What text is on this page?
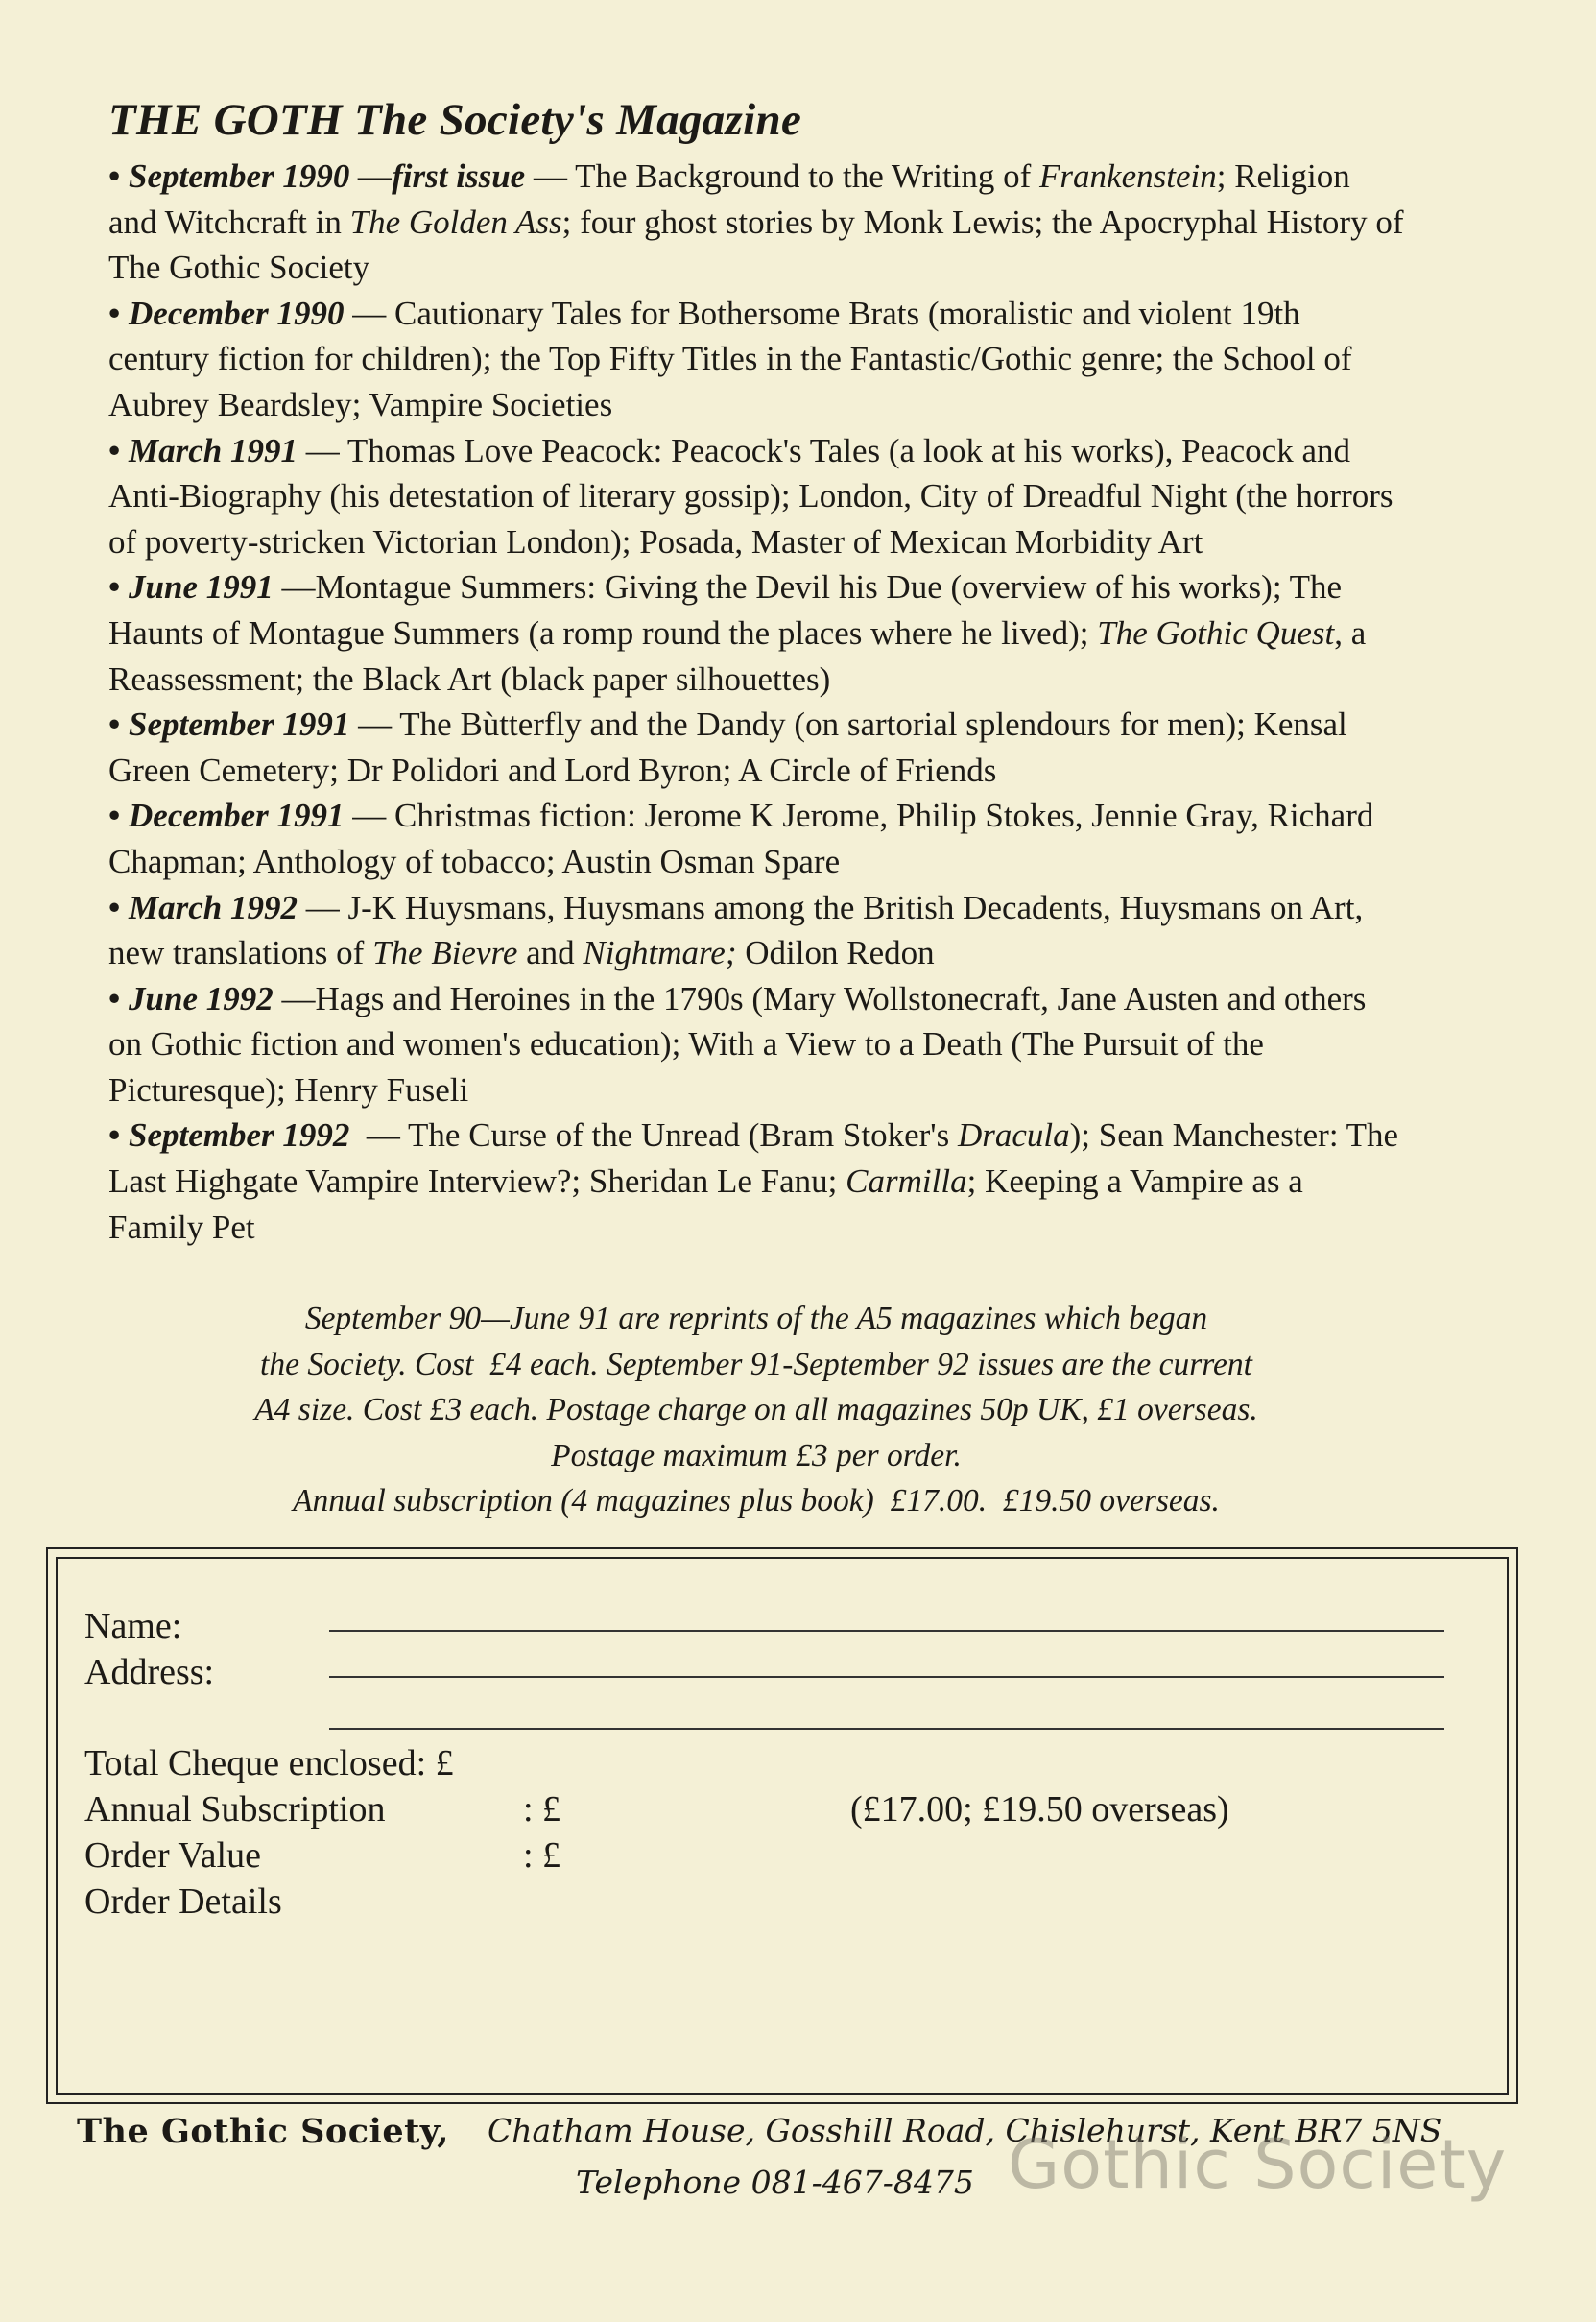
THE GOTH The Society's Magazine

• September 1990 —first issue — The Background to the Writing of Frankenstein; Religion and Witchcraft in The Golden Ass; four ghost stories by Monk Lewis; the Apocryphal History of The Gothic Society

• December 1990 — Cautionary Tales for Bothersome Brats (moralistic and violent 19th century fiction for children); the Top Fifty Titles in the Fantastic/Gothic genre; the School of Aubrey Beardsley; Vampire Societies

• March 1991 — Thomas Love Peacock: Peacock's Tales (a look at his works), Peacock and Anti-Biography (his detestation of literary gossip); London, City of Dreadful Night (the horrors of poverty-stricken Victorian London); Posada, Master of Mexican Morbidity Art

• June 1991 —Montague Summers: Giving the Devil his Due (overview of his works); The Haunts of Montague Summers (a romp round the places where he lived); The Gothic Quest, a Reassessment; the Black Art (black paper silhouettes)

• September 1991 — The Bùtterfly and the Dandy (on sartorial splendours for men); Kensal Green Cemetery; Dr Polidori and Lord Byron; A Circle of Friends

• December 1991 — Christmas fiction: Jerome K Jerome, Philip Stokes, Jennie Gray, Richard Chapman; Anthology of tobacco; Austin Osman Spare

• March 1992 — J-K Huysmans, Huysmans among the British Decadents, Huysmans on Art, new translations of The Bievre and Nightmare; Odilon Redon

• June 1992 —Hags and Heroines in the 1790s (Mary Wollstonecraft, Jane Austen and others on Gothic fiction and women's education); With a View to a Death (The Pursuit of the Picturesque); Henry Fuseli

• September 1992  — The Curse of the Unread (Bram Stoker's Dracula); Sean Manchester: The Last Highgate Vampire Interview?; Sheridan Le Fanu; Carmilla; Keeping a Vampire as a Family Pet

September 90—June 91 are reprints of the A5 magazines which began

the Society. Cost  £4 each. September 91-September 92 issues are the current

A4 size. Cost £3 each. Postage charge on all magazines 50p UK, £1 overseas.

Postage maximum £3 per order.

Annual subscription (4 magazines plus book)  £17.00.  £19.50 overseas.

Name:
Address:
Total Cheque enclosed: £
Annual Subscription	: £	(£17.00; £19.50 overseas)
Order Value	: £
Order Details
The Gothic Society, Chatham House, Gosshill Road, Chislehurst, Kent BR7 5NS
Telephone 081-467-8475 Gothic Society
